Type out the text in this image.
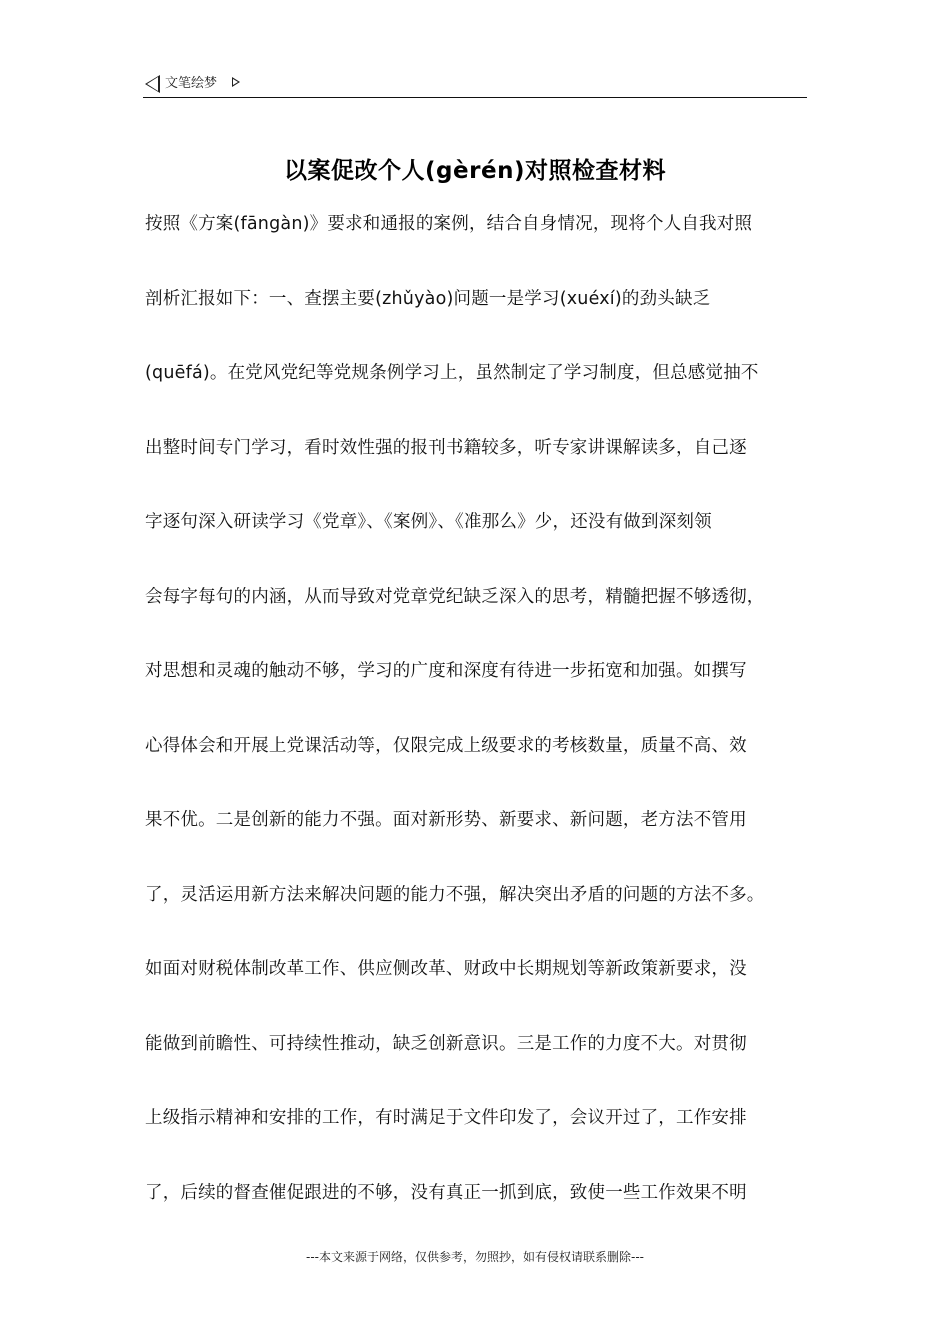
文笔绘梦
以案促改个人(gèrén)对照检查材料
按照《方案(fāngàn)》要求和通报的案例，结合自身情况，现将个人自我对照
剖析汇报如下：一、查摆主要(zhǔyào)问题一是学习(xuéxí)的劲头缺乏
(quēfá)。在党风党纪等党规条例学习上，虽然制定了学习制度，但总感觉抽不
出整时间专门学习，看时效性强的报刊书籍较多，听专家讲课解读多，自己逐
字逐句深入研读学习《党章》、《案例》、《准那么》少，还没有做到深刻领
会每字每句的内涵，从而导致对党章党纪缺乏深入的思考，精髓把握不够透彻，
对思想和灵魂的触动不够，学习的广度和深度有待进一步拓宽和加强。如撰写
心得体会和开展上党课活动等，仅限完成上级要求的考核数量，质量不高、效
果不优。二是创新的能力不强。面对新形势、新要求、新问题，老方法不管用
了，灵活运用新方法来解决问题的能力不强，解决突出矛盾的问题的方法不多。
如面对财税体制改革工作、供应侧改革、财政中长期规划等新政策新要求，没
能做到前瞻性、可持续性推动，缺乏创新意识。三是工作的力度不大。对贯彻
上级指示精神和安排的工作，有时满足于文件印发了，会议开过了，工作安排
了，后续的督查催促跟进的不够，没有真正一抓到底，致使一些工作效果不明
---本文来源于网络，仅供参考，勿照抄，如有侵权请联系删除---
